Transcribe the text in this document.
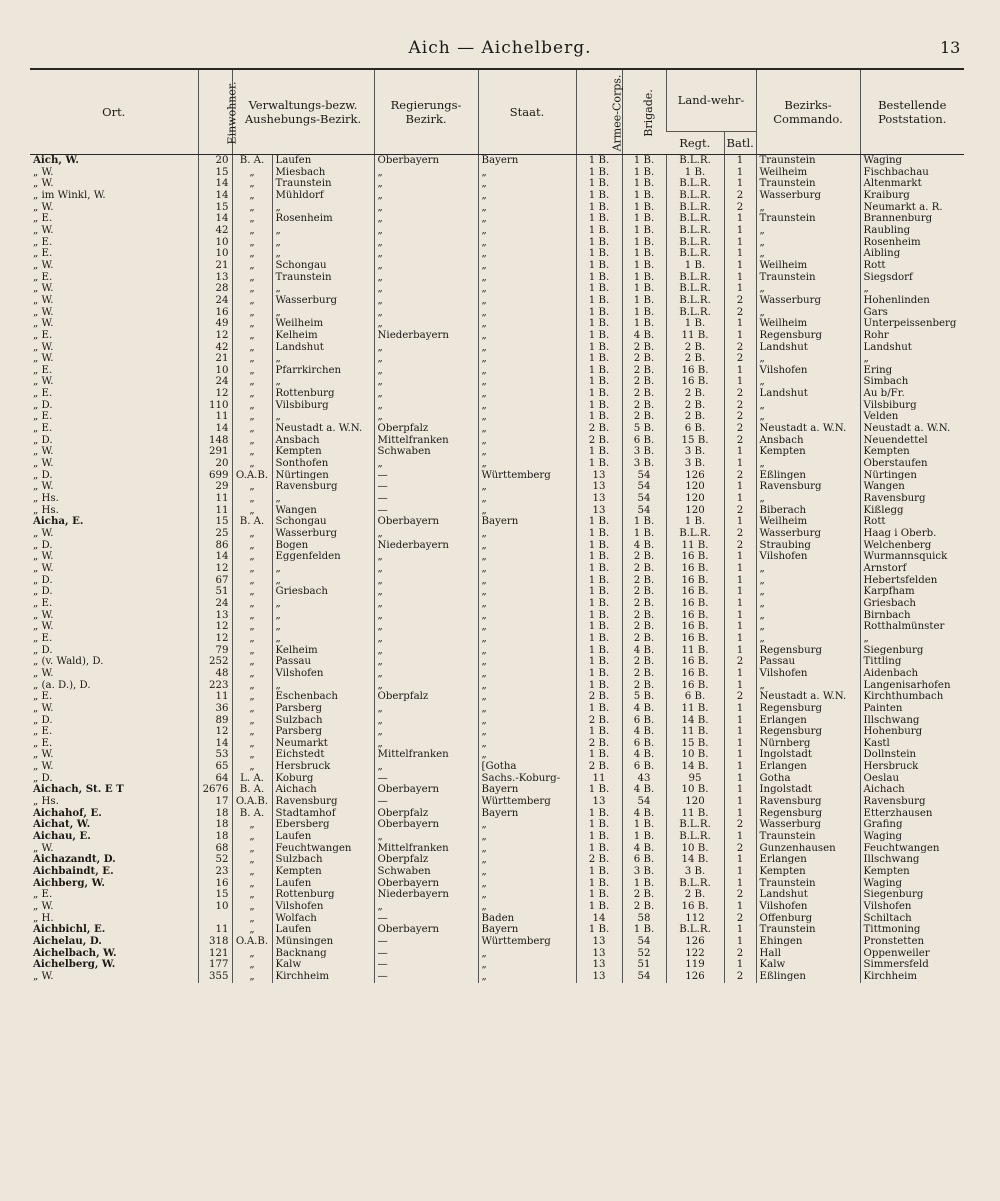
Aich — Aichelberg.	13
Ort.	Einwohner.	Verwaltungs-bezw. Aushebungs-Bezirk.		Regierungs-Bezirk.	Staat.	Armee-Corps.	Brigade.	Land-wehr-		Bezirks-Commando.	Bestellende Poststation.
								Regt.	Batl.		
Aich, W.	20	B. A.	Laufen	Oberbayern	Bayern	1 B.	1 B.	B.L.R.	1	Traunstein	Waging
„ W.	15	„	Miesbach	„	„	1 B.	1 B.	1 B.	1	Weilheim	Fischbachau
„ W.	14	„	Traunstein	„	„	1 B.	1 B.	B.L.R.	1	Traunstein	Altenmarkt
„ im Winkl, W.	14	„	Mühldorf	„	„	1 B.	1 B.	B.L.R.	2	Wasserburg	Kraiburg
„ W.	15	„	„	„	„	1 B.	1 B.	B.L.R.	2	„	Neumarkt a. R.
„ E.	14	„	Rosenheim	„	„	1 B.	1 B.	B.L.R.	1	Traunstein	Brannenburg
„ W.	42	„	„	„	„	1 B.	1 B.	B.L.R.	1	„	Raubling
„ E.	10	„	„	„	„	1 B.	1 B.	B.L.R.	1	„	Rosenheim
„ E.	10	„	„	„	„	1 B.	1 B.	B.L.R.	1	„	Aibling
„ W.	21	„	Schongau	„	„	1 B.	1 B.	1 B.	1	Weilheim	Rott
„ E.	13	„	Traunstein	„	„	1 B.	1 B.	B.L.R.	1	Traunstein	Siegsdorf
„ W.	28	„	„	„	„	1 B.	1 B.	B.L.R.	1	„	„
„ W.	24	„	Wasserburg	„	„	1 B.	1 B.	B.L.R.	2	Wasserburg	Hohenlinden
„ W.	16	„	„	„	„	1 B.	1 B.	B.L.R.	2	„	Gars
„ W.	49	„	Weilheim	„	„	1 B.	1 B.	1 B.	1	Weilheim	Unterpeissenberg
„ E.	12	„	Kelheim	Niederbayern	„	1 B.	4 B.	11 B.	1	Regensburg	Rohr
„ W.	42	„	Landshut	„	„	1 B.	2 B.	2 B.	2	Landshut	Landshut
„ W.	21	„	„	„	„	1 B.	2 B.	2 B.	2	„	„
„ E.	10	„	Pfarrkirchen	„	„	1 B.	2 B.	16 B.	1	Vilshofen	Ering
„ W.	24	„	„	„	„	1 B.	2 B.	16 B.	1	„	Simbach
„ E.	12	„	Rottenburg	„	„	1 B.	2 B.	2 B.	2	Landshut	Au b/Fr.
„ D.	110	„	Vilsbiburg	„	„	1 B.	2 B.	2 B.	2	„	Vilsbiburg
„ E.	11	„	„	„	„	1 B.	2 B.	2 B.	2	„	Velden
„ E.	14	„	Neustadt a. W.N.	Oberpfalz	„	2 B.	5 B.	6 B.	2	Neustadt a. W.N.	Neustadt a. W.N.
„ D.	148	„	Ansbach	Mittelfranken	„	2 B.	6 B.	15 B.	2	Ansbach	Neuendettel
„ W.	291	„	Kempten	Schwaben	„	1 B.	3 B.	3 B.	1	Kempten	Kempten
„ W.	20	„	Sonthofen	„	„	1 B.	3 B.	3 B.	1	„	Oberstaufen
„ D.	699	O.A.B.	Nürtingen	—	Württemberg	13	54	126	2	Eßlingen	Nürtingen
„ W.	29	„	Ravensburg	—	„	13	54	120	1	Ravensburg	Wangen
„ Hs.	11	„	„	—	„	13	54	120	1	„	Ravensburg
„ Hs.	11	„	Wangen	—	„	13	54	120	2	Biberach	Kißlegg
Aicha, E.	15	B. A.	Schongau	Oberbayern	Bayern	1 B.	1 B.	1 B.	1	Weilheim	Rott
„ W.	25	„	Wasserburg	„	„	1 B.	1 B.	B.L.R.	2	Wasserburg	Haag i Oberb.
„ D.	86	„	Bogen	Niederbayern	„	1 B.	4 B.	11 B.	2	Straubing	Welchenberg
„ W.	14	„	Eggenfelden	„	„	1 B.	2 B.	16 B.	1	Vilshofen	Wurmannsquick
„ W.	12	„	„	„	„	1 B.	2 B.	16 B.	1	„	Arnstorf
„ D.	67	„	„	„	„	1 B.	2 B.	16 B.	1	„	Hebertsfelden
„ D.	51	„	Griesbach	„	„	1 B.	2 B.	16 B.	1	„	Karpfham
„ E.	24	„	„	„	„	1 B.	2 B.	16 B.	1	„	Griesbach
„ W.	13	„	„	„	„	1 B.	2 B.	16 B.	1	„	Birnbach
„ W.	12	„	„	„	„	1 B.	2 B.	16 B.	1	„	Rotthalmünster
„ E.	12	„	„	„	„	1 B.	2 B.	16 B.	1	„	„
„ D.	79	„	Kelheim	„	„	1 B.	4 B.	11 B.	1	Regensburg	Siegenburg
„ (v. Wald), D.	252	„	Passau	„	„	1 B.	2 B.	16 B.	2	Passau	Tittling
„ W.	48	„	Vilshofen	„	„	1 B.	2 B.	16 B.	1	Vilshofen	Aidenbach
„ (a. D.), D.	223	„	„	„	„	1 B.	2 B.	16 B.	1	„	Langenisarhofen
„ E.	11	„	Eschenbach	Oberpfalz	„	2 B.	5 B.	6 B.	2	Neustadt a. W.N.	Kirchthumbach
„ W.	36	„	Parsberg	„	„	1 B.	4 B.	11 B.	1	Regensburg	Painten
„ D.	89	„	Sulzbach	„	„	2 B.	6 B.	14 B.	1	Erlangen	Illschwang
„ E.	12	„	Parsberg	„	„	1 B.	4 B.	11 B.	1	Regensburg	Hohenburg
„ E.	14	„	Neumarkt	„	„	2 B.	6 B.	15 B.	1	Nürnberg	Kastl
„ W.	53	„	Eichstedt	Mittelfranken	„	1 B.	4 B.	10 B.	1	Ingolstadt	Dollnstein
„ W.	65	„	Hersbruck	„	[Gotha	2 B.	6 B.	14 B.	1	Erlangen	Hersbruck
„ D.	64	L. A.	Koburg	—	Sachs.-Koburg-	11	43	95	1	Gotha	Oeslau
Aichach, St. E T	2676	B. A.	Aichach	Oberbayern	Bayern	1 B.	4 B.	10 B.	1	Ingolstadt	Aichach
„ Hs.	17	O.A.B.	Ravensburg	—	Württemberg	13	54	120	1	Ravensburg	Ravensburg
Aichahof, E.	18	B. A.	Stadtamhof	Oberpfalz	Bayern	1 B.	4 B.	11 B.	1	Regensburg	Etterzhausen
Aichat, W.	18	„	Ebersberg	Oberbayern	„	1 B.	1 B.	B.L.R.	2	Wasserburg	Grafing
Aichau, E.	18	„	Laufen	„	„	1 B.	1 B.	B.L.R.	1	Traunstein	Waging
„ W.	68	„	Feuchtwangen	Mittelfranken	„	1 B.	4 B.	10 B.	2	Gunzenhausen	Feuchtwangen
Aichazandt, D.	52	„	Sulzbach	Oberpfalz	„	2 B.	6 B.	14 B.	1	Erlangen	Illschwang
Aichbaindt, E.	23	„	Kempten	Schwaben	„	1 B.	3 B.	3 B.	1	Kempten	Kempten
Aichberg, W.	16	„	Laufen	Oberbayern	„	1 B.	1 B.	B.L.R.	1	Traunstein	Waging
„ E.	15	„	Rottenburg	Niederbayern	„	1 B.	2 B.	2 B.	2	Landshut	Siegenburg
„ W.	10	„	Vilshofen	„	„	1 B.	2 B.	16 B.	1	Vilshofen	Vilshofen
„ H.		„	Wolfach	—	Baden	14	58	112	2	Offenburg	Schiltach
Aichbichl, E.	11	„	Laufen	Oberbayern	Bayern	1 B.	1 B.	B.L.R.	1	Traunstein	Tittmoning
Aichelau, D.	318	O.A.B.	Münsingen	—	Württemberg	13	54	126	1	Ehingen	Pronstetten
Aichelbach, W.	121	„	Backnang	—	„	13	52	122	2	Hall	Oppenweiler
Aichelberg, W.	177	„	Kalw	—	„	13	51	119	1	Kalw	Simmersfeld
„ W.	355	„	Kirchheim	—	„	13	54	126	2	Eßlingen	Kirchheim
